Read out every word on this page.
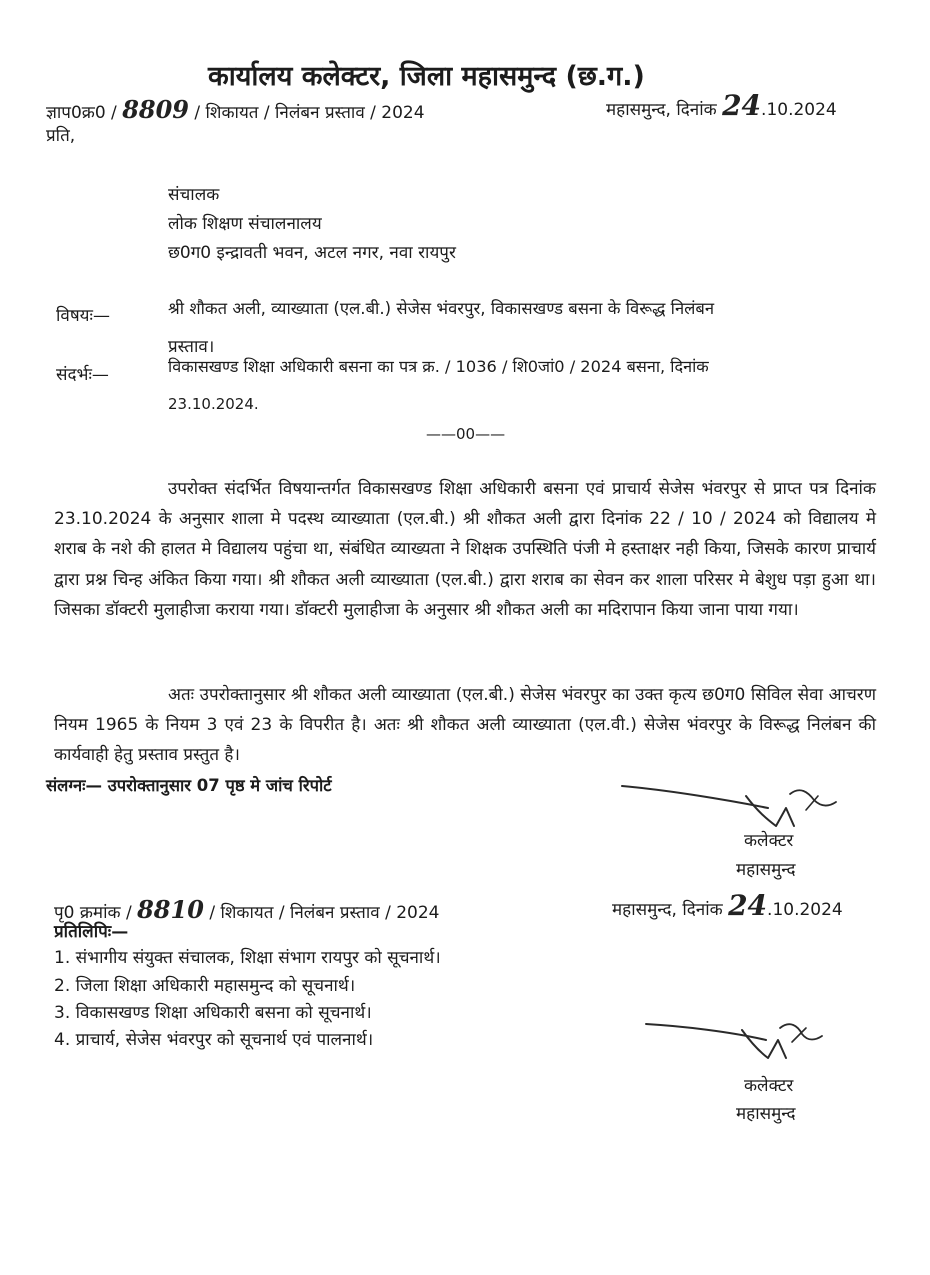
कार्यालय कलेक्टर, जिला महासमुन्द (छ.ग.)
ज्ञाप0क्र0 / 8809 / शिकायत / निलंबन प्रस्ताव / 2024	महासमुन्द, दिनांक 24.10.2024
प्रति,
संचालक
लोक शिक्षण संचालनालय
छ0ग0 इन्द्रावती भवन, अटल नगर, नवा रायपुर
विषयः—	श्री शौकत अली, व्याख्याता (एल.बी.) सेजेस भंवरपुर, विकासखण्ड बसना के विरूद्ध निलंबन
प्रस्ताव।
संदर्भः—	विकासखण्ड शिक्षा अधिकारी बसना का पत्र क्र. / 1036 / शि0जां0 / 2024 बसना, दिनांक
23.10.2024.
——00——
उपरोक्त संदर्भित विषयान्तर्गत विकासखण्ड शिक्षा अधिकारी बसना एवं प्राचार्य सेजेस भंवरपुर से प्राप्त पत्र दिनांक 23.10.2024 के अनुसार शाला मे पदस्थ व्याख्याता (एल.बी.) श्री शौकत अली द्वारा दिनांक 22 / 10 / 2024 को विद्यालय मे शराब के नशे की हालत मे विद्यालय पहुंचा था, संबंधित व्याख्यता ने शिक्षक उपस्थिति पंजी मे हस्ताक्षर नही किया, जिसके कारण प्राचार्य द्वारा प्रश्न चिन्ह अंकित किया गया। श्री शौकत अली व्याख्याता (एल.बी.) द्वारा शराब का सेवन कर शाला परिसर मे बेशुध पड़ा हुआ था। जिसका डॉक्टरी मुलाहीजा कराया गया। डॉक्टरी मुलाहीजा के अनुसार श्री शौकत अली का मदिरापान किया जाना पाया गया।
अतः उपरोक्तानुसार श्री शौकत अली व्याख्याता (एल.बी.) सेजेस भंवरपुर का उक्त कृत्य छ0ग0 सिविल सेवा आचरण नियम 1965 के नियम 3 एवं 23 के विपरीत है। अतः श्री शौकत अली व्याख्याता (एल.वी.) सेजेस भंवरपुर के विरूद्ध निलंबन की कार्यवाही हेतु प्रस्ताव प्रस्तुत है।
संलग्नः— उपरोक्तानुसार 07 पृष्ठ मे जांच रिपोर्ट
कलेक्टर
महासमुन्द
पृ0 क्रमांक / 8810 / शिकायत / निलंबन प्रस्ताव / 2024	महासमुन्द, दिनांक 24.10.2024
प्रतिलिपिः—
1. संभागीय संयुक्त संचालक, शिक्षा संभाग रायपुर को सूचनार्थ।
2. जिला शिक्षा अधिकारी महासमुन्द को सूचनार्थ।
3. विकासखण्ड शिक्षा अधिकारी बसना को सूचनार्थ।
4. प्राचार्य, सेजेस भंवरपुर को सूचनार्थ एवं पालनार्थ।
कलेक्टर
महासमुन्द
